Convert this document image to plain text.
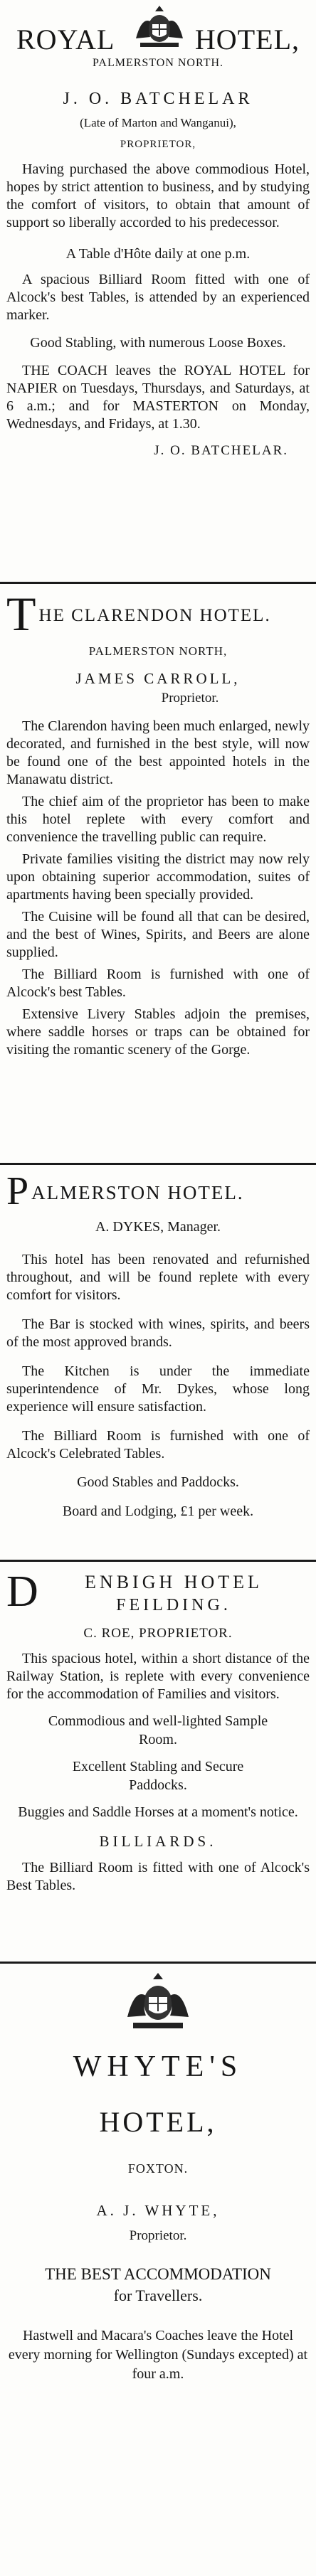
ROYAL	HOTEL,

PALMERSTON NORTH.

J. O. BATCHELAR

(Late of Marton and Wanganui),

PROPRIETOR,

Having purchased the above commodious Hotel, hopes by strict attention to business, and by studying the comfort of visitors, to obtain that amount of support so liberally accorded to his predecessor.

A Table d'Hôte daily at one p.m.

A spacious Billiard Room fitted with one of Alcock's best Tables, is attended by an experienced marker.

Good Stabling, with numerous Loose Boxes.

THE COACH leaves the ROYAL HOTEL for NAPIER on Tuesdays, Thursdays, and Saturdays, at 6 a.m.; and for MASTERTON on Monday, Wednesdays, and Fridays, at 1.30.

J. O. BATCHELAR.

T HE CLARENDON HOTEL.

PALMERSTON NORTH,

JAMES CARROLL,

Proprietor.

The Clarendon having been much enlarged, newly decorated, and furnished in the best style, will now be found one of the best appointed hotels in the Manawatu district.

The chief aim of the proprietor has been to make this hotel replete with every comfort and convenience the travelling public can require.

Private families visiting the district may now rely upon obtaining superior accommodation, suites of apartments having been specially provided.

The Cuisine will be found all that can be desired, and the best of Wines, Spirits, and Beers are alone supplied.

The Billiard Room is furnished with one of Alcock's best Tables.

Extensive Livery Stables adjoin the premises, where saddle horses or traps can be obtained for visiting the romantic scenery of the Gorge.

P ALMERSTON HOTEL.

A. DYKES, Manager.

This hotel has been renovated and refurnished throughout, and will be found replete with every comfort for visitors.

The Bar is stocked with wines, spirits, and beers of the most approved brands.

The Kitchen is under the immediate superintendence of Mr. Dykes, whose long experience will ensure satisfaction.

The Billiard Room is furnished with one of Alcock's Celebrated Tables.

Good Stables and Paddocks.

Board and Lodging, £1 per week.

D	ENBIGH HOTEL
FEILDING.

C. ROE, PROPRIETOR.

This spacious hotel, within a short distance of the Railway Station, is replete with every convenience for the accommodation of Families and visitors.

Commodious and well-lighted Sample Room.

Excellent Stabling and Secure Paddocks.

Buggies and Saddle Horses at a moment's notice.

BILLIARDS.

The Billiard Room is fitted with one of Alcock's Best Tables.

WHYTE'S

HOTEL,

FOXTON.

A. J. WHYTE,

Proprietor.

THE BEST ACCOMMODATION

for Travellers.

Hastwell and Macara's Coaches leave the Hotel every morning for Wellington (Sundays excepted) at four a.m.
